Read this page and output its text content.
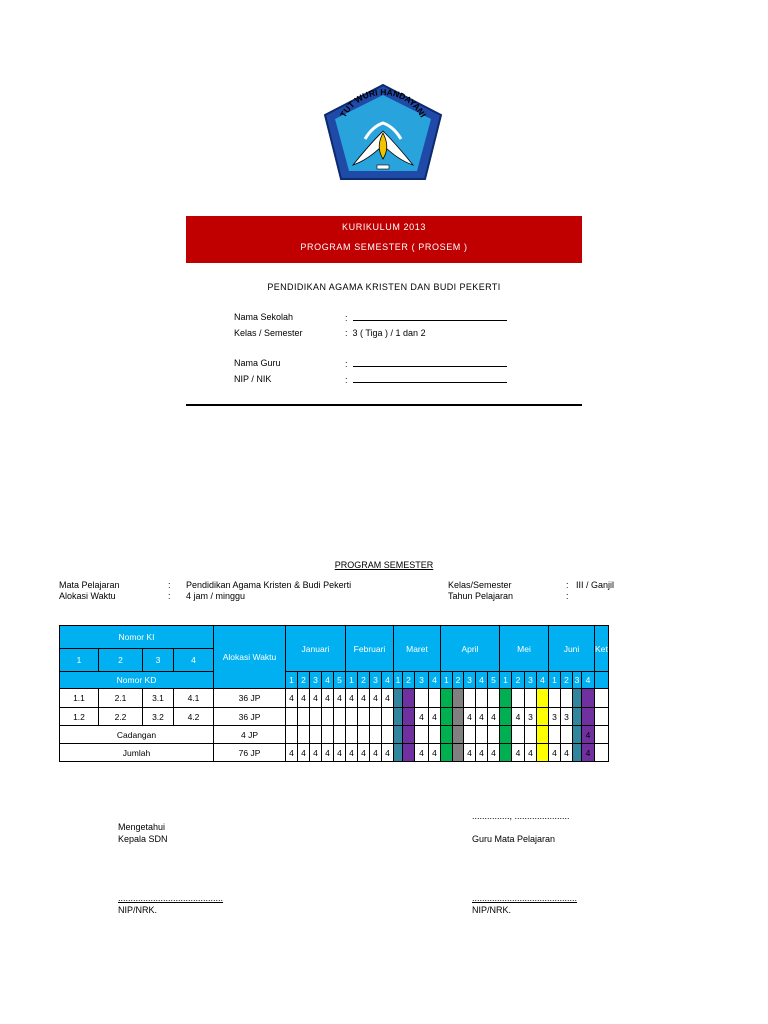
TUT WURI HANDAYANI
KURIKULUM 2013
PROGRAM SEMESTER ( PROSEM )
PENDIDIKAN AGAMA KRISTEN DAN BUDI PEKERTI
Nama Sekolah	:
Kelas / Semester	: 3 ( Tiga ) / 1 dan 2
Nama Guru	:
NIP / NIK	:
PROGRAM SEMESTER
Mata Pelajaran	: Pendidikan Agama Kristen & Budi Pekerti
Alokasi Waktu	: 4 jam / minggu
Kelas/Semester	: III / Ganjil
Tahun Pelajaran	:
Nomor KI				Alokasi Waktu	Januari					Februari				Maret				April					Mei				Juni				Ket
1	2	3	4																												
Nomor KD					1	2	3	4	5	1	2	3	4	1	2	3	4	1	2	3	4	5	1	2	3	4	1	2	3	4	
1.1	2.1	3.1	4.1	36 JP	4	4	4	4	4	4	4	4	4																		
1.2	2.2	3.2	4.2	36 JP												4	4			4	4	4		4	3		3	3			
Cadangan				4 JP																										4	
Jumlah				76 JP	4	4	4	4	4	4	4	4	4			4	4			4	4	4		4	4		4	4		4	
..............., ......................
Mengetahui
Kepala SDN	Guru Mata Pelajaran
..........................................	..........................................
NIP/NRK.	NIP/NRK.
